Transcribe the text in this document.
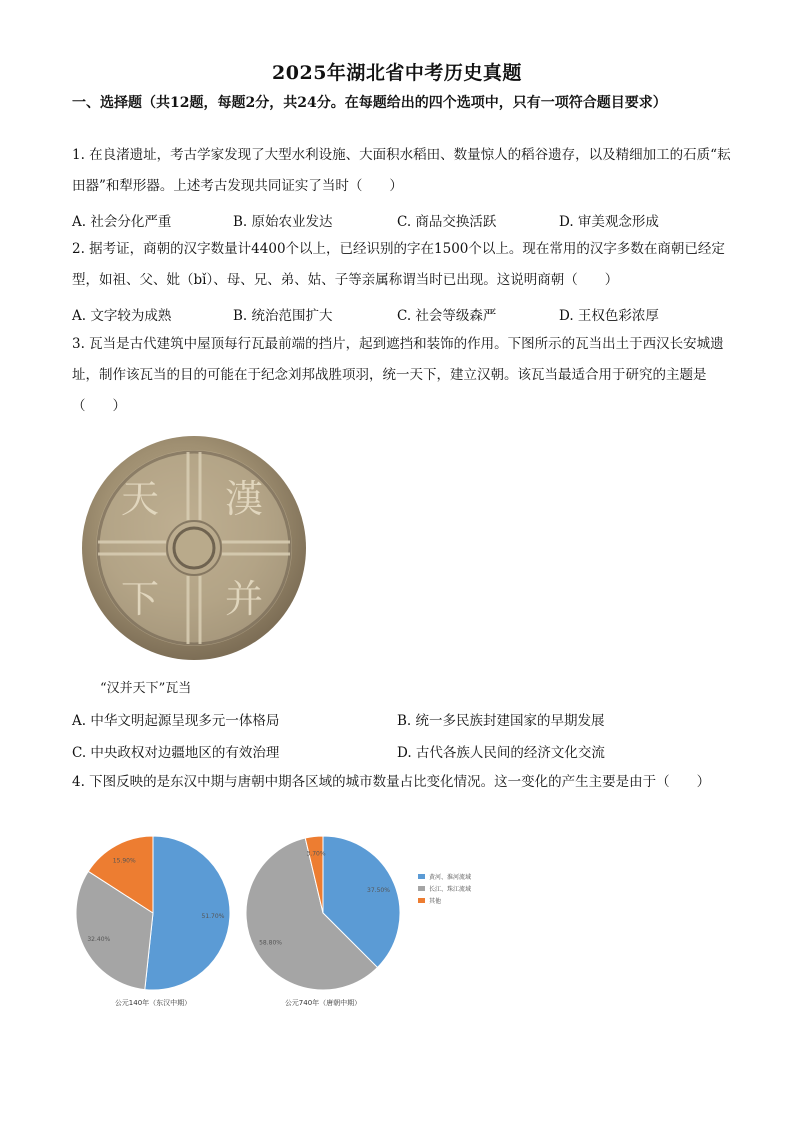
2025年湖北省中考历史真题
一、选择题（共12题，每题2分，共24分。在每题给出的四个选项中，只有一项符合题目要求）
1. 在良渚遗址，考古学家发现了大型水利设施、大面积水稻田、数量惊人的稻谷遗存，以及精细加工的石质“耘田器”和犁形器。上述考古发现共同证实了当时（　　）
A. 社会分化严重	B. 原始农业发达	C. 商品交换活跃	D. 审美观念形成
2. 据考证，商朝的汉字数量计4400个以上，已经识别的字在1500个以上。现在常用的汉字多数在商朝已经定型，如祖、父、妣（bǐ）、母、兄、弟、姑、子等亲属称谓当时已出现。这说明商朝（　　）
A. 文字较为成熟	B. 统治范围扩大	C. 社会等级森严	D. 王权色彩浓厚
3. 瓦当是古代建筑中屋顶每行瓦最前端的挡片，起到遮挡和装饰的作用。下图所示的瓦当出土于西汉长安城遗址，制作该瓦当的目的可能在于纪念刘邦战胜项羽，统一天下，建立汉朝。该瓦当最适合用于研究的主题是（　　）
漢
并
天
下
“汉并天下”瓦当
A. 中华文明起源呈现多元一体格局	B. 统一多民族封建国家的早期发展
C. 中央政权对边疆地区的有效治理	D. 古代各族人民间的经济文化交流
4. 下图反映的是东汉中期与唐朝中期各区域的城市数量占比变化情况。这一变化的产生主要是由于（　　）
51.70%
32.40%
15.90%
公元140年（东汉中期）
37.50%
58.80%
3.70%
公元740年（唐朝中期）
黄河、淮河流域
长江、珠江流域
其他
